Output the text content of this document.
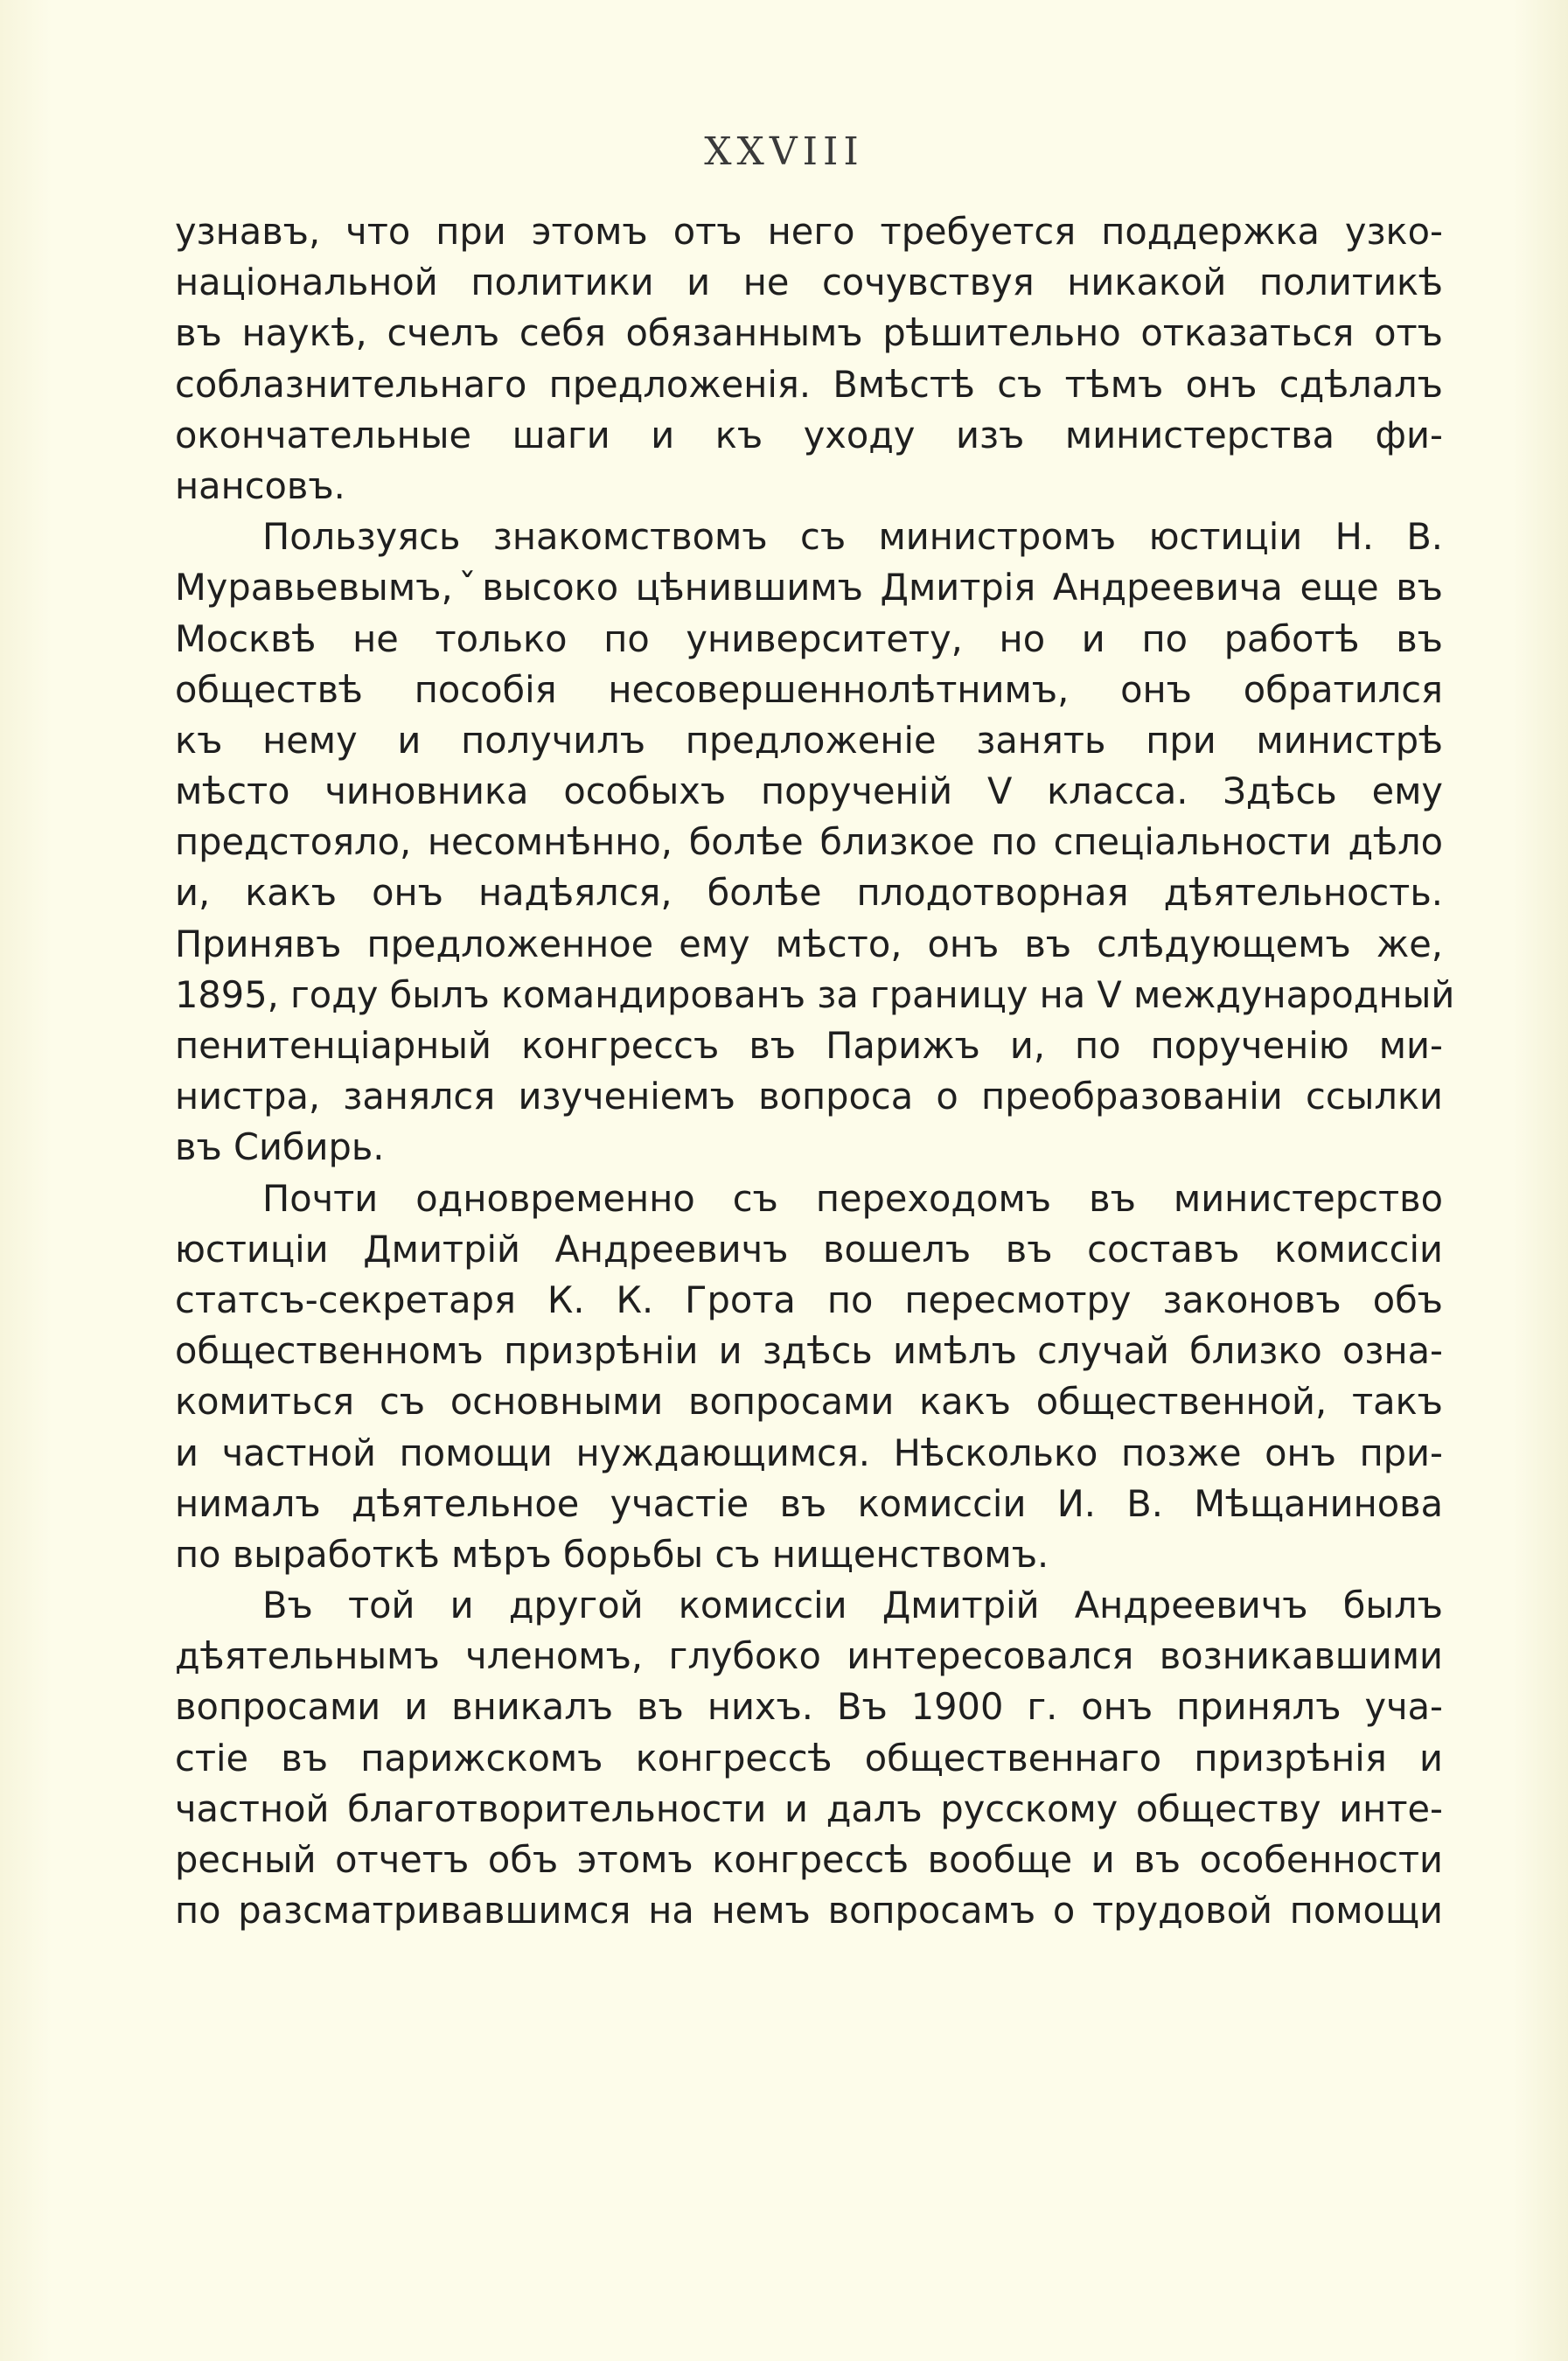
XXVIII
узнавъ, что при этомъ отъ него требуется поддержка узко-
національной политики и не сочувствуя никакой политикѣ
въ наукѣ, счелъ себя обязаннымъ рѣшительно отказаться отъ
соблазнительнаго предложенія. Вмѣстѣ съ тѣмъ онъ сдѣлалъ
окончательные шаги и къ уходу изъ министерства фи-
нансовъ.
Пользуясь знакомствомъ съ министромъ юстиціи Н. В.
Муравьевымъ,ˇвысоко цѣнившимъ Дмитрія Андреевича еще въ
Москвѣ не только по университету, но и по работѣ въ
обществѣ пособія несовершеннолѣтнимъ, онъ обратился
къ нему и получилъ предложеніе занять при министрѣ
мѣсто чиновника особыхъ порученій V класса. Здѣсь ему
предстояло, несомнѣнно, болѣе близкое по спеціальности дѣло
и, какъ онъ надѣялся, болѣе плодотворная дѣятельность.
Принявъ предложенное ему мѣсто, онъ въ слѣдующемъ же,
1895, году былъ командированъ за границу на V международный
пенитенціарный конгрессъ въ Парижъ и, по порученію ми-
нистра, занялся изученіемъ вопроса о преобразованіи ссылки
въ Сибирь.
Почти одновременно съ переходомъ въ министерство
юстиціи Дмитрій Андреевичъ вошелъ въ составъ комиссіи
статсъ-секретаря К. К. Грота по пересмотру законовъ объ
общественномъ призрѣніи и здѣсь имѣлъ случай близко озна-
комиться съ основными вопросами какъ общественной, такъ
и частной помощи нуждающимся. Нѣсколько позже онъ при-
нималъ дѣятельное участіе въ комиссіи И. В. Мѣщанинова
по выработкѣ мѣръ борьбы съ нищенствомъ.
Въ той и другой комиссіи Дмитрій Андреевичъ былъ
дѣятельнымъ членомъ, глубоко интересовался возникавшими
вопросами и вникалъ въ нихъ. Въ 1900 г. онъ принялъ уча-
стіе въ парижскомъ конгрессѣ общественнаго призрѣнія и
частной благотворительности и далъ русскому обществу инте-
ресный отчетъ объ этомъ конгрессѣ вообще и въ особенности
по разсматривавшимся на немъ вопросамъ о трудовой помощи
